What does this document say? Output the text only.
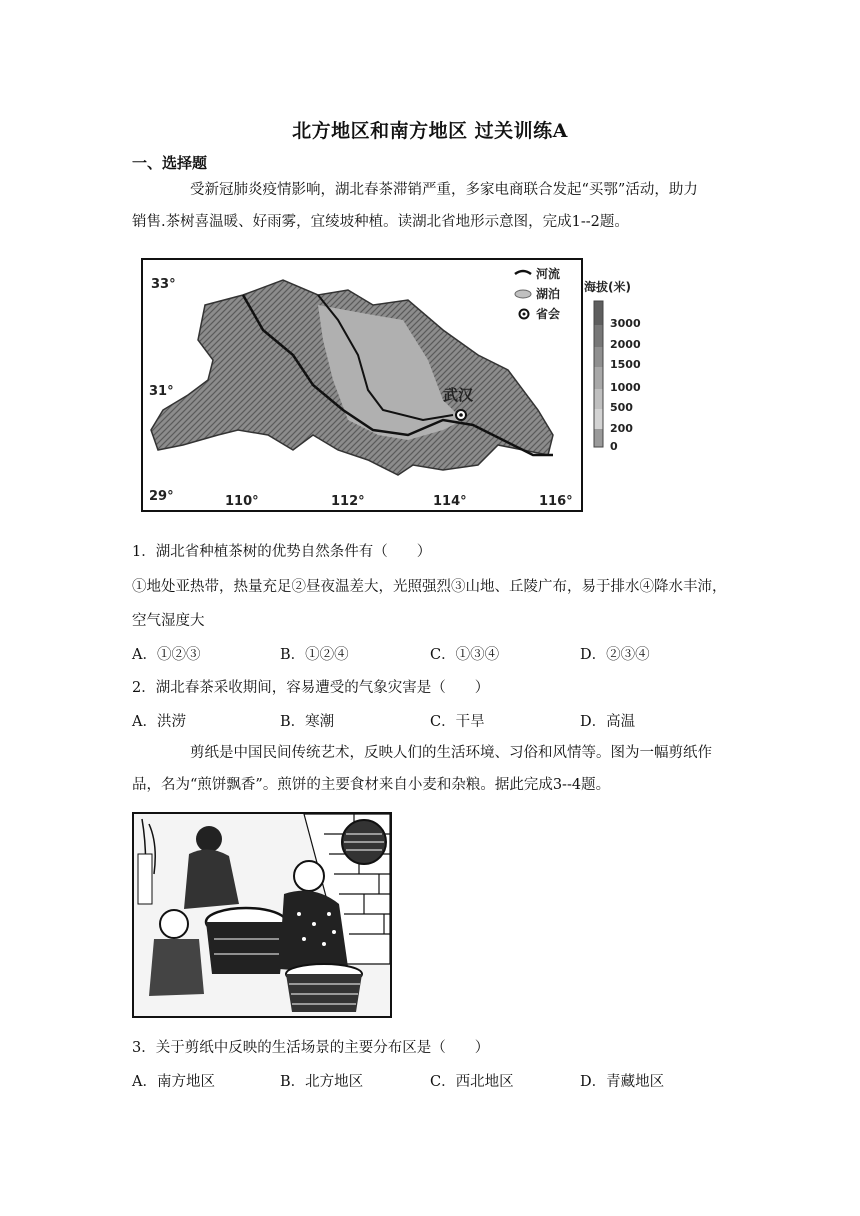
北方地区和南方地区 过关训练A
一、选择题
受新冠肺炎疫情影响，湖北春茶滞销严重，多家电商联合发起“买鄂”活动，助力
销售.茶树喜温暖、好雨雾，宜绫坡种植。读湖北省地形示意图，完成1--2题。
武汉
33°
31°
29°	110°	112°	114°	116°
河流
湖泊
省会
海拔(米)
3000
2000
1500
1000
500
200
0
1．湖北省种植茶树的优势自然条件有（　　）
①地处亚热带，热量充足②昼夜温差大，光照强烈③山地、丘陵广布，易于排水④降水丰沛，
空气湿度大
A．①②③	B．①②④	C．①③④	D．②③④
2．湖北春茶采收期间，容易遭受的气象灾害是（　　）
A．洪涝	B．寒潮	C．干旱	D．高温
剪纸是中国民间传统艺术，反映人们的生活环境、习俗和风情等。图为一幅剪纸作
品，名为“煎饼飘香”。煎饼的主要食材来自小麦和杂粮。据此完成3--4题。
3．关于剪纸中反映的生活场景的主要分布区是（　　）
A．南方地区	B．北方地区	C．西北地区	D．青藏地区
